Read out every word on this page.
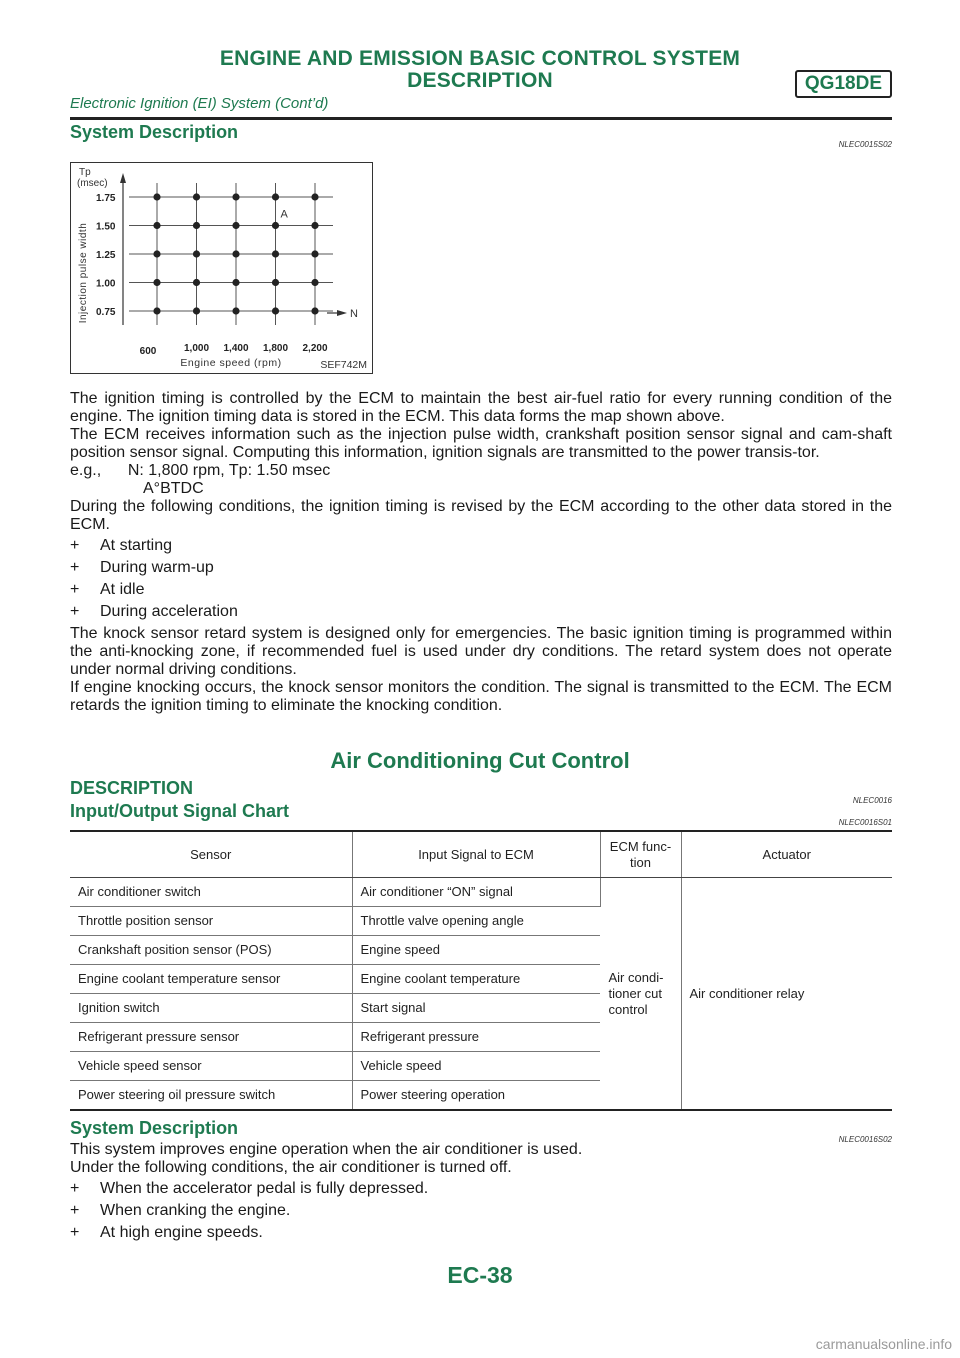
ENGINE AND EMISSION BASIC CONTROL SYSTEM
DESCRIPTION
Electronic Ignition (EI) System (Cont’d)
QG18DE
System Description
NLEC0015S02
0.75
1.00
1.25
1.50
1.75
600	1,000 1,400 1,800 2,200
Tp
(msec)
Injection pulse width
Engine speed (rpm)
N
A
SEF742M

The ignition timing is controlled by the ECM to maintain the best air-fuel ratio for every running condition of the engine. The ignition timing data is stored in the ECM. This data forms the map shown above.

The ECM receives information such as the injection pulse width, crankshaft position sensor signal and cam-shaft position sensor signal. Computing this information, ignition signals are transmitted to the power transis-tor.

e.g., N: 1,800 rpm, Tp: 1.50 msec

A°BTDC

During the following conditions, the ignition timing is revised by the ECM according to the other data stored in the ECM.

+ At starting
+ During warm-up
+ At idle
+ During acceleration

The knock sensor retard system is designed only for emergencies. The basic ignition timing is programmed within the anti-knocking zone, if recommended fuel is used under dry conditions. The retard system does not operate under normal driving conditions.

If engine knocking occurs, the knock sensor monitors the condition. The signal is transmitted to the ECM. The ECM retards the ignition timing to eliminate the knocking condition.

Air Conditioning Cut Control
DESCRIPTION
NLEC0016
Input/Output Signal Chart
NLEC0016S01
Sensor	Input Signal to ECM	ECM func-
tion	Actuator
Air conditioner switch	Air conditioner “ON” signal	Air condi-
tioner cut
control	Air conditioner relay
Throttle position sensor	Throttle valve opening angle		
Crankshaft position sensor (POS)	Engine speed		
Engine coolant temperature sensor	Engine coolant temperature		
Ignition switch	Start signal		
Refrigerant pressure sensor	Refrigerant pressure		
Vehicle speed sensor	Vehicle speed		
Power steering oil pressure switch	Power steering operation		
System Description
NLEC0016S02

This system improves engine operation when the air conditioner is used.

Under the following conditions, the air conditioner is turned off.

+ When the accelerator pedal is fully depressed.
+ When cranking the engine.
+ At high engine speeds.
EC-38
carmanualsonline.info
